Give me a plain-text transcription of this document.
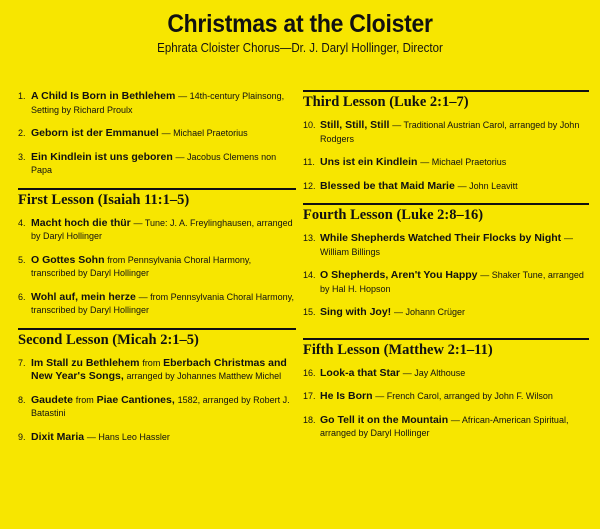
Christmas at the Cloister
Ephrata Cloister Chorus—Dr. J. Daryl Hollinger, Director
1. A Child Is Born in Bethlehem — 14th-century Plainsong, Setting by Richard Proulx
2. Geborn ist der Emmanuel — Michael Praetorius
3. Ein Kindlein ist uns geboren — Jacobus Clemens non Papa
First Lesson (Isaiah 11:1–5)
4. Macht hoch die thür — Tune: J. A. Freylinghausen, arranged by Daryl Hollinger
5. O Gottes Sohn from Pennsylvania Choral Harmony,
transcribed by Daryl Hollinger
6. Wohl auf, mein herze — from Pennsylvania Choral Harmony, transcribed by Daryl Hollinger
Second Lesson (Micah 2:1–5)
7. Im Stall zu Bethlehem from Eberbach Christmas and New Year's Songs, arranged by Johannes Matthew Michel
8. Gaudete from Piae Cantiones, 1582, arranged by Robert J. Batastini
9. Dixit Maria — Hans Leo Hassler
Third Lesson (Luke 2:1–7)
10. Still, Still, Still — Traditional Austrian Carol, arranged by John Rodgers
11. Uns ist ein Kindlein — Michael Praetorius
12. Blessed be that Maid Marie — John Leavitt
Fourth Lesson (Luke 2:8–16)
13. While Shepherds Watched Their Flocks by Night — William Billings
14. O Shepherds, Aren't You Happy — Shaker Tune, arranged by Hal H. Hopson
15. Sing with Joy! — Johann Crüger
Fifth Lesson (Matthew 2:1–11)
16. Look-a that Star — Jay Althouse
17. He Is Born — French Carol, arranged by John F. Wilson
18. Go Tell it on the Mountain — African-American Spiritual, arranged by Daryl Hollinger
